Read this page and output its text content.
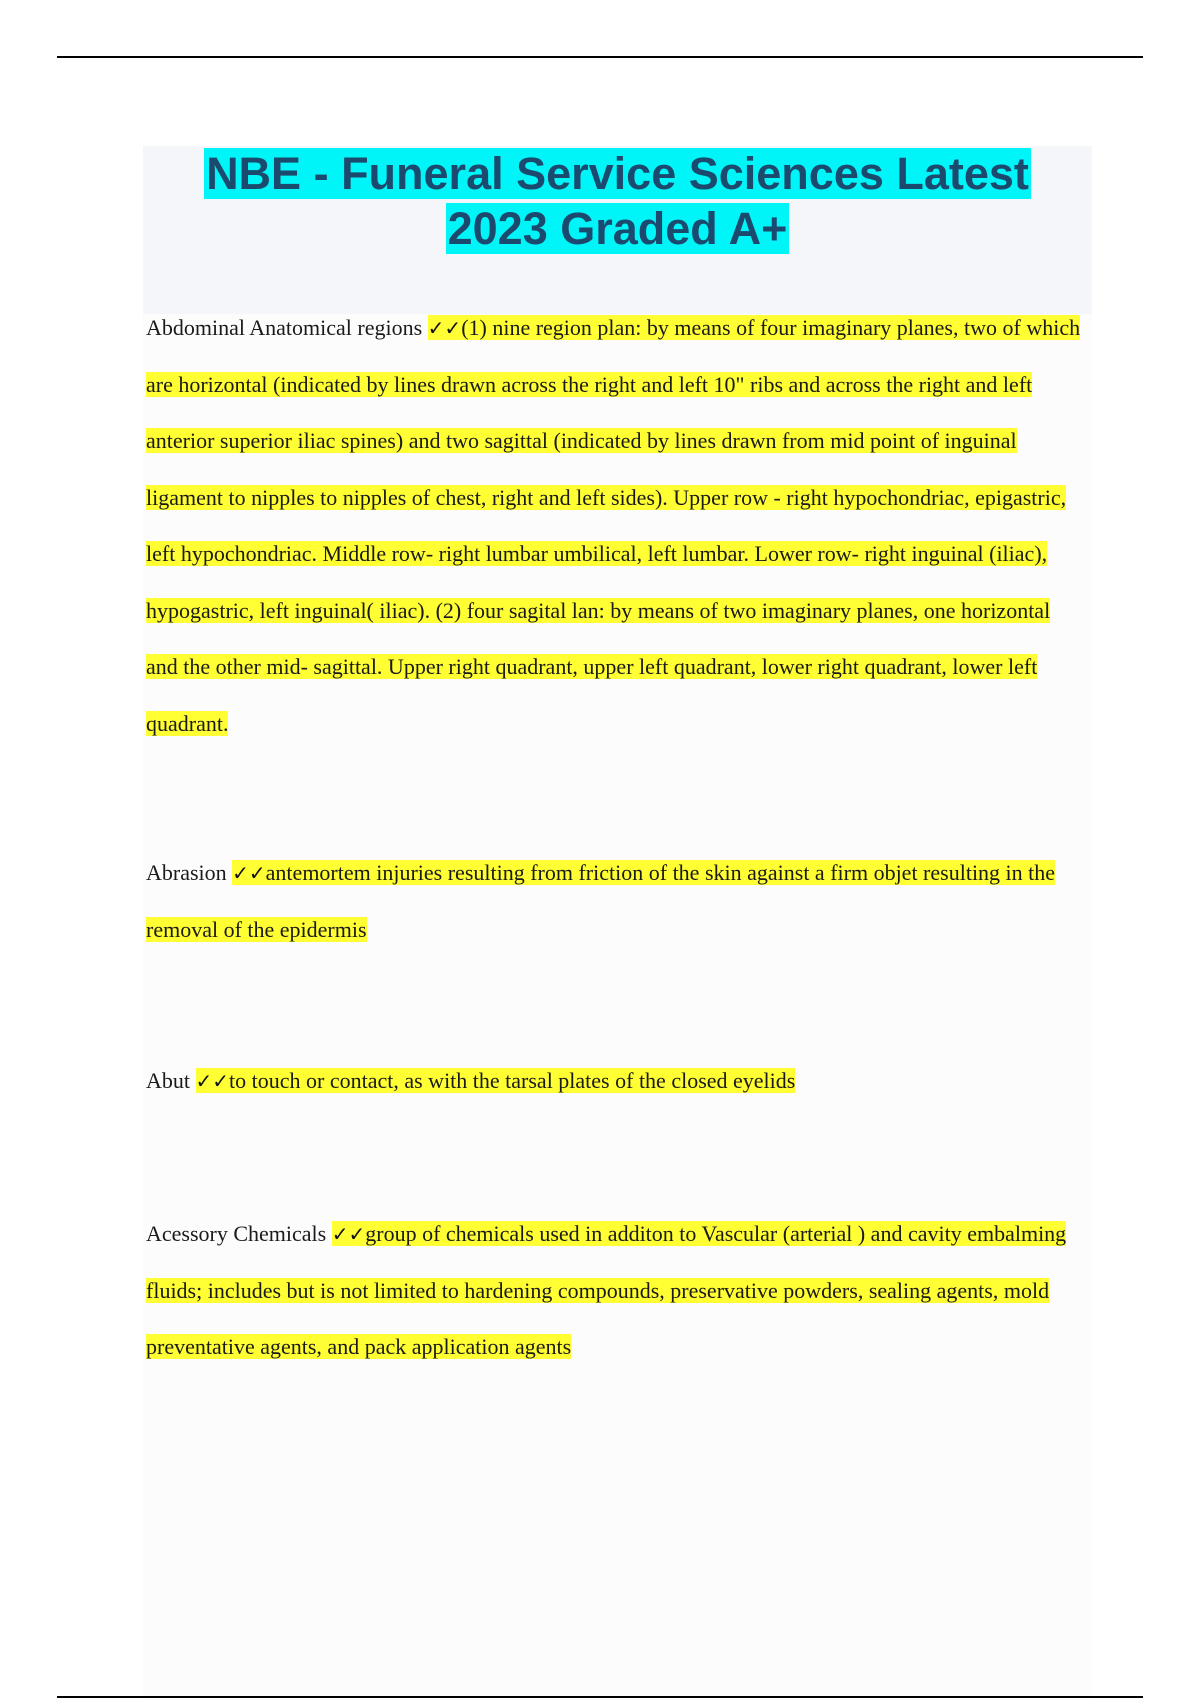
NBE - Funeral Service Sciences Latest
2023 Graded A+

Abdominal Anatomical regions ✓✓(1) nine region plan: by means of four imaginary planes, two of which are horizontal (indicated by lines drawn across the right and left 10" ribs and across the right and left anterior superior iliac spines) and two sagittal (indicated by lines drawn from mid point of inguinal ligament to nipples to nipples of chest, right and left sides). Upper row - right hypochondriac, epigastric, left hypochondriac. Middle row- right lumbar umbilical, left lumbar. Lower row- right inguinal (iliac), hypogastric, left inguinal( iliac). (2) four sagital lan: by means of two imaginary planes, one horizontal and the other mid- sagittal. Upper right quadrant, upper left quadrant, lower right quadrant, lower left quadrant.

Abrasion ✓✓antemortem injuries resulting from friction of the skin against a firm objet resulting in the removal of the epidermis

Abut ✓✓to touch or contact, as with the tarsal plates of the closed eyelids

Acessory Chemicals ✓✓group of chemicals used in additon to Vascular (arterial ) and cavity embalming fluids; includes but is not limited to hardening compounds, preservative powders, sealing agents, mold preventative agents, and pack application agents
